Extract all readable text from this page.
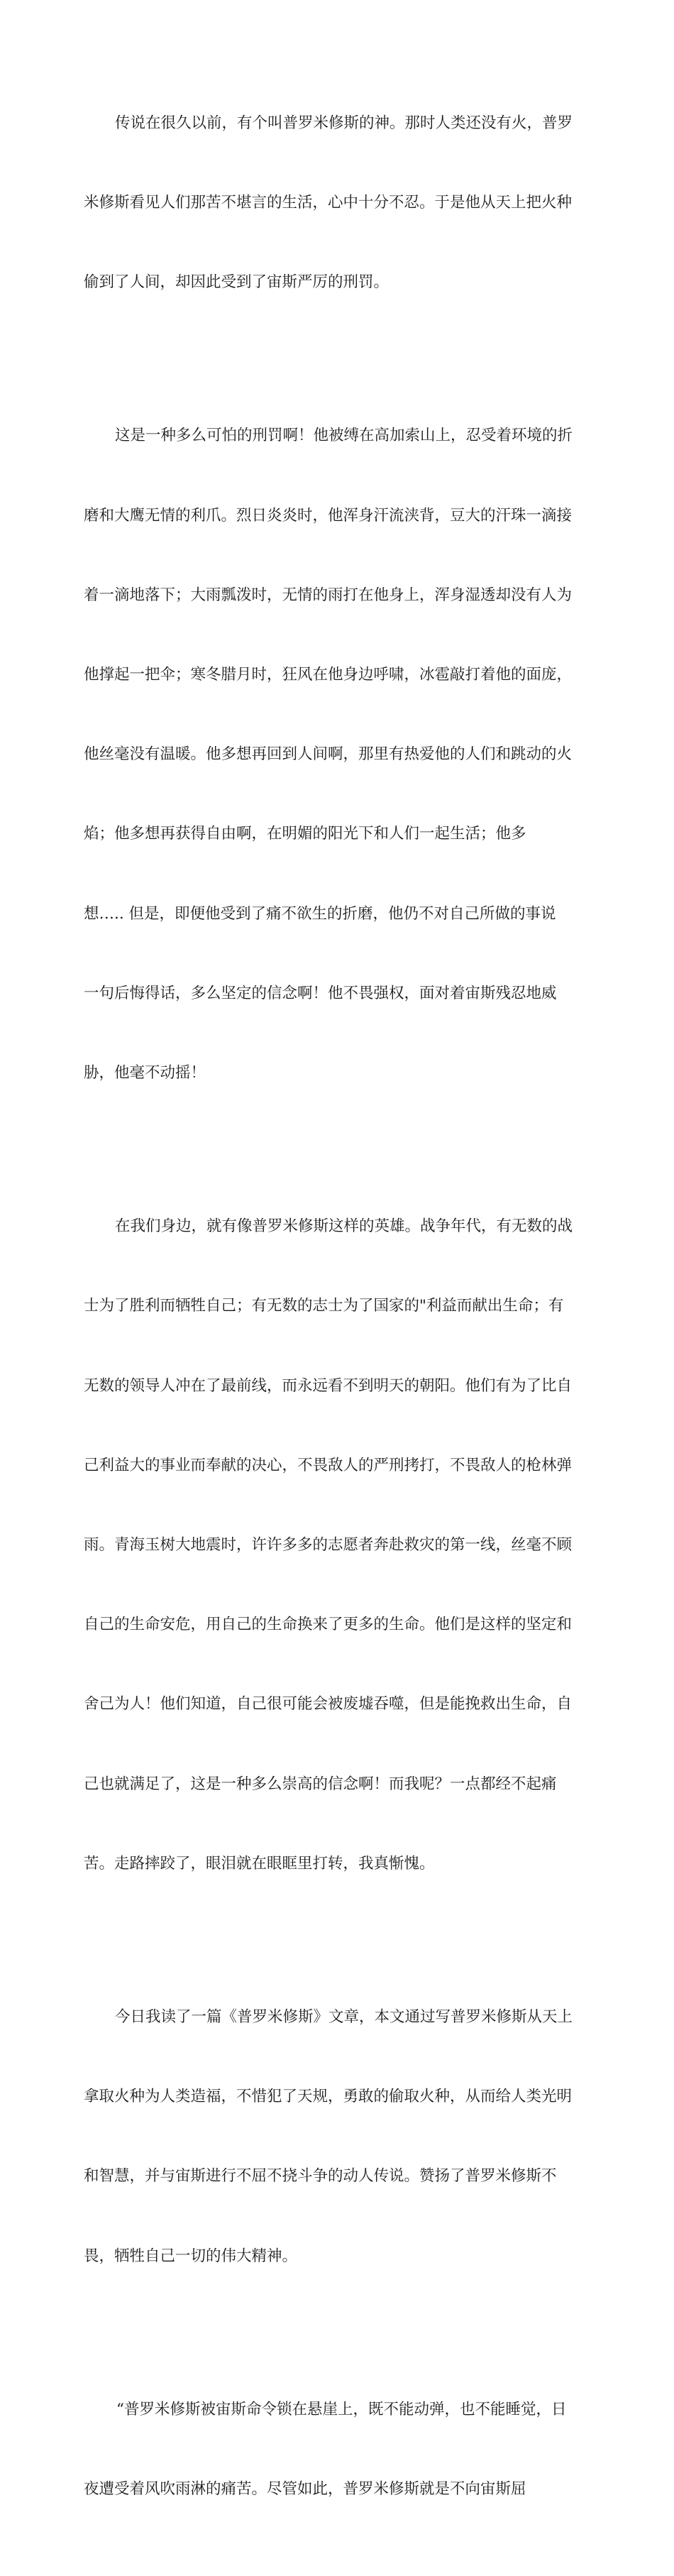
传说在很久以前，有个叫普罗米修斯的神。那时人类还没有火，普罗

米修斯看见人们那苦不堪言的生活，心中十分不忍。于是他从天上把火种

偷到了人间，却因此受到了宙斯严厉的刑罚。

这是一种多么可怕的刑罚啊！他被缚在高加索山上，忍受着环境的折

磨和大鹰无情的利爪。烈日炎炎时，他浑身汗流浃背，豆大的汗珠一滴接

着一滴地落下；大雨瓢泼时，无情的雨打在他身上，浑身湿透却没有人为

他撑起一把伞；寒冬腊月时，狂风在他身边呼啸，冰雹敲打着他的面庞，

他丝毫没有温暖。他多想再回到人间啊，那里有热爱他的人们和跳动的火

焰；他多想再获得自由啊，在明媚的阳光下和人们一起生活；他多

想….. 但是，即便他受到了痛不欲生的折磨，他仍不对自己所做的事说

一句后悔得话，多么坚定的信念啊！他不畏强权，面对着宙斯残忍地威

胁，他毫不动摇！

在我们身边，就有像普罗米修斯这样的英雄。战争年代，有无数的战

士为了胜利而牺牲自己；有无数的志士为了国家的"利益而献出生命；有

无数的领导人冲在了最前线，而永远看不到明天的朝阳。他们有为了比自

己利益大的事业而奉献的决心，不畏敌人的严刑拷打，不畏敌人的枪林弹

雨。青海玉树大地震时，许许多多的志愿者奔赴救灾的第一线，丝毫不顾

自己的生命安危，用自己的生命换来了更多的生命。他们是这样的坚定和

舍己为人！他们知道，自己很可能会被废墟吞噬，但是能挽救出生命，自

己也就满足了，这是一种多么崇高的信念啊！而我呢？一点都经不起痛

苦。走路摔跤了，眼泪就在眼眶里打转，我真惭愧。

今日我读了一篇《普罗米修斯》文章，本文通过写普罗米修斯从天上

拿取火种为人类造福，不惜犯了天规，勇敢的偷取火种，从而给人类光明

和智慧，并与宙斯进行不屈不挠斗争的动人传说。赞扬了普罗米修斯不

畏，牺牲自己一切的伟大精神。

“普罗米修斯被宙斯命令锁在悬崖上，既不能动弹，也不能睡觉，日

夜遭受着风吹雨淋的痛苦。尽管如此，普罗米修斯就是不向宙斯屈
